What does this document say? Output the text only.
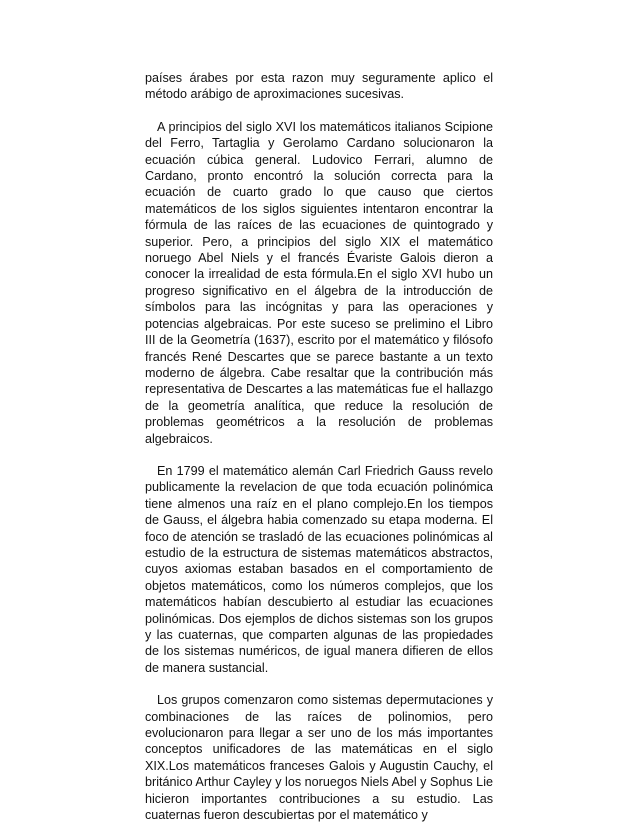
países árabes por esta razon muy seguramente aplico el método arábigo de aproximaciones sucesivas.

A principios del siglo XVI los matemáticos italianos Scipione del Ferro, Tartaglia y Gerolamo Cardano solucionaron la ecuación cúbica general. Ludovico Ferrari, alumno de Cardano, pronto encontró la solución correcta para la ecuación de cuarto grado lo que causo que ciertos matemáticos de los siglos siguientes intentaron encontrar la fórmula de las raíces de las ecuaciones de quintogrado y superior. Pero, a principios del siglo XIX el matemático noruego Abel Niels y el francés Évariste Galois dieron a conocer la irrealidad de esta fórmula.En el siglo XVI hubo un progreso significativo en el álgebra de la introducción de símbolos para las incógnitas y para las operaciones y potencias algebraicas. Por este suceso se prelimino el Libro III de la Geometría (1637), escrito por el matemático y filósofo francés René Descartes que se parece bastante a un texto moderno de álgebra. Cabe resaltar que la contribución más representativa de Descartes a las matemáticas fue el hallazgo de la geometría analítica, que reduce la resolución de problemas geométricos a la resolución de problemas algebraicos.

En 1799 el matemático alemán Carl Friedrich Gauss revelo publicamente la revelacion de que toda ecuación polinómica tiene almenos una raíz en el plano complejo.En los tiempos de Gauss, el álgebra habia comenzado su etapa moderna. El foco de atención se trasladó de las ecuaciones polinómicas al estudio de la estructura de sistemas matemáticos abstractos, cuyos axiomas estaban basados en el comportamiento de objetos matemáticos, como los números complejos, que los matemáticos habían descubierto al estudiar las ecuaciones polinómicas. Dos ejemplos de dichos sistemas son los grupos y las cuaternas, que comparten algunas de las propiedades de los sistemas numéricos, de igual manera difieren de ellos de manera sustancial.

Los grupos comenzaron como sistemas depermutaciones y combinaciones de las raíces de polinomios, pero evolucionaron para llegar a ser uno de los más importantes conceptos unificadores de las matemáticas en el siglo XIX.Los matemáticos franceses Galois y Augustin Cauchy, el británico Arthur Cayley y los noruegos Niels Abel y Sophus Lie hicieron importantes contribuciones a su estudio. Las cuaternas fueron descubiertas por el matemático y
